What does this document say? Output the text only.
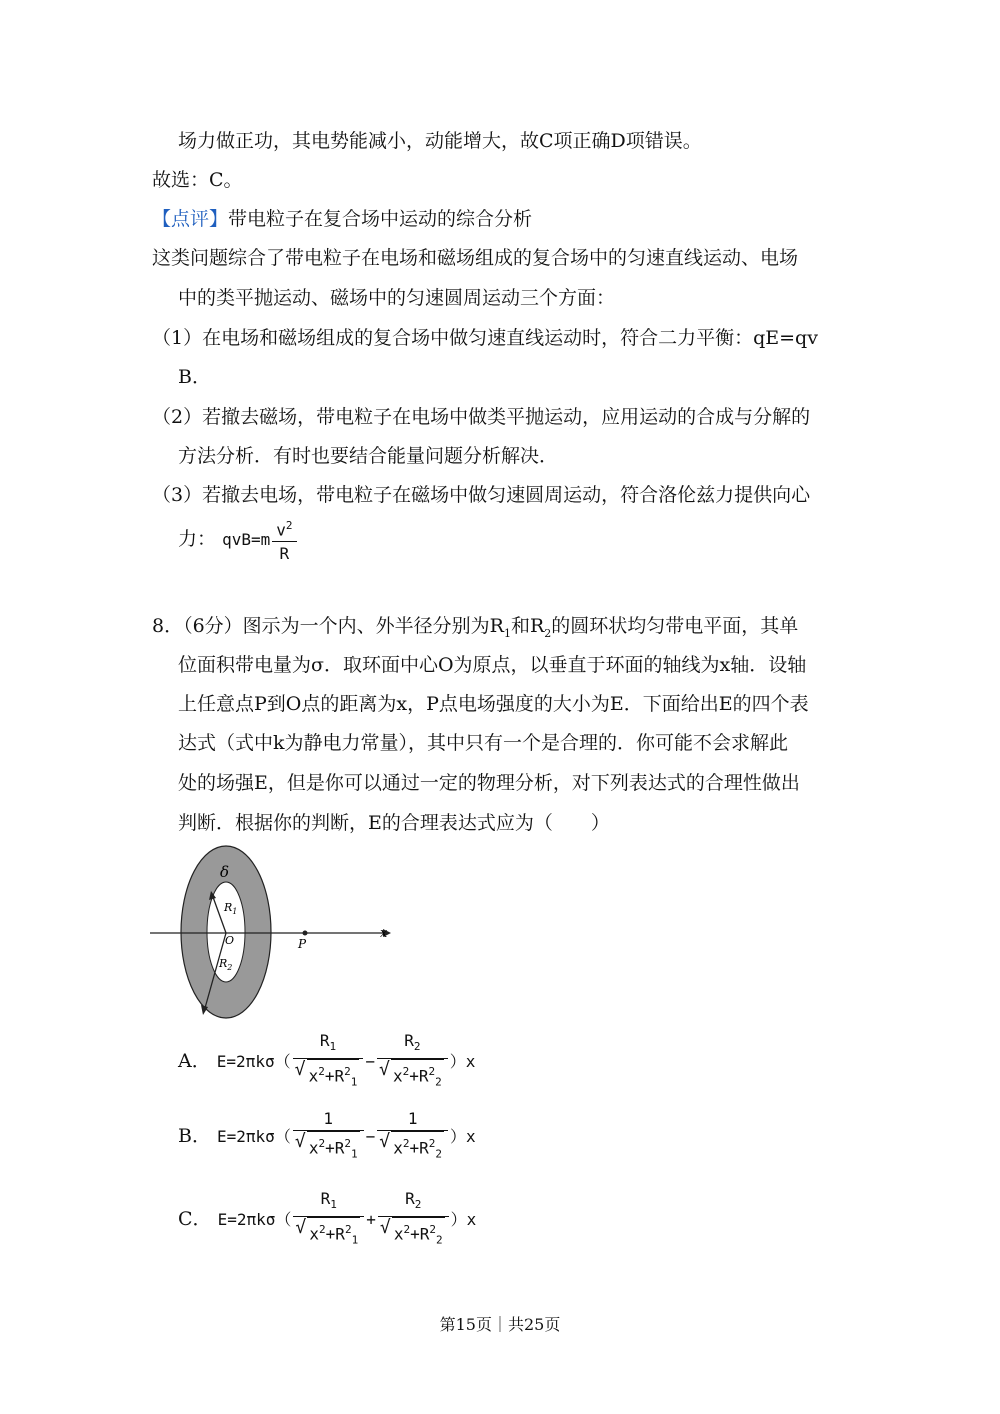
场力做正功，其电势能减小，动能增大，故C项正确D项错误。
故选：C。
【点评】带电粒子在复合场中运动的综合分析
这类问题综合了带电粒子在电场和磁场组成的复合场中的匀速直线运动、电场
中的类平抛运动、磁场中的匀速圆周运动三个方面：
（1）在电场和磁场组成的复合场中做匀速直线运动时，符合二力平衡：qE=qv
B．
（2）若撤去磁场，带电粒子在电场中做类平抛运动，应用运动的合成与分解的
方法分析．有时也要结合能量问题分析解决．
（3）若撤去电场，带电粒子在磁场中做匀速圆周运动，符合洛伦兹力提供向心
力： $qvB=m \frac{v^2}{R}$
8．（6分）图示为一个内、外半径分别为$R_1$和$R_2$的圆环状均匀带电平面，其单
位面积带电量为σ．取环面中心O为原点，以垂直于环面的轴线为x轴．设轴
上任意点P到O点的距离为x，P点电场强度的大小为E．下面给出E的四个表
达式（式中k为静电力常量），其中只有一个是合理的．你可能不会求解此
处的场强E，但是你可以通过一定的物理分析，对下列表达式的合理性做出
判断．根据你的判断，E的合理表达式应为（　　）
δ
$R_1$
O
$R_2$
P
x
A． E=2πkσ（ $R_1$
√ $x^2+R^2_1 - R_2$
√ $x^2+R^2_2$ ）x
B． E=2πkσ（ 1
√ $x^2+R^2_1 - 1$
√ $x^2+R^2_2$ ）x
C． E=2πkσ（ $R_1$
√ $x^2+R^2_1 + R_2$
√ $x^2+R^2_2$ ）x
第15页｜共25页
